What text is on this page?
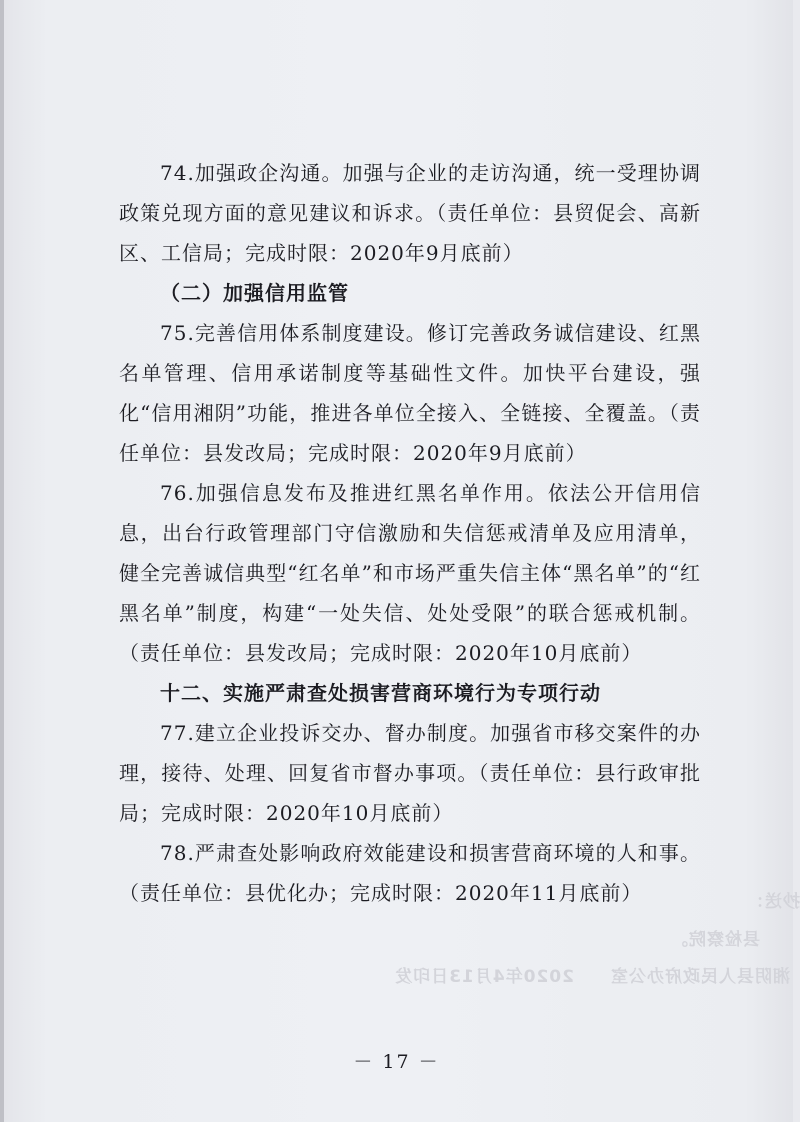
74.加强政企沟通。加强与企业的走访沟通，统一受理协调政策兑现方面的意见建议和诉求。（责任单位：县贸促会、高新区、工信局；完成时限：2020年9月底前）

（二）加强信用监管

75.完善信用体系制度建设。修订完善政务诚信建设、红黑名单管理、信用承诺制度等基础性文件。加快平台建设，强化“信用湘阴”功能，推进各单位全接入、全链接、全覆盖。（责任单位：县发改局；完成时限：2020年9月底前）

76.加强信息发布及推进红黑名单作用。依法公开信用信息，出台行政管理部门守信激励和失信惩戒清单及应用清单，健全完善诚信典型“红名单”和市场严重失信主体“黑名单”的“红黑名单”制度，构建“一处失信、处处受限”的联合惩戒机制。（责任单位：县发改局；完成时限：2020年10月底前）

十二、实施严肃查处损害营商环境行为专项行动

77.建立企业投诉交办、督办制度。加强省市移交案件的办理，接待、处理、回复省市督办事项。（责任单位：县行政审批局；完成时限：2020年10月底前）

78.严肃查处影响政府效能建设和损害营商环境的人和事。（责任单位：县优化办；完成时限：2020年11月底前）	抄送：
县检察院。
湘阴县人民政府办公室　　2020年4月13日印发
－ 17 －
